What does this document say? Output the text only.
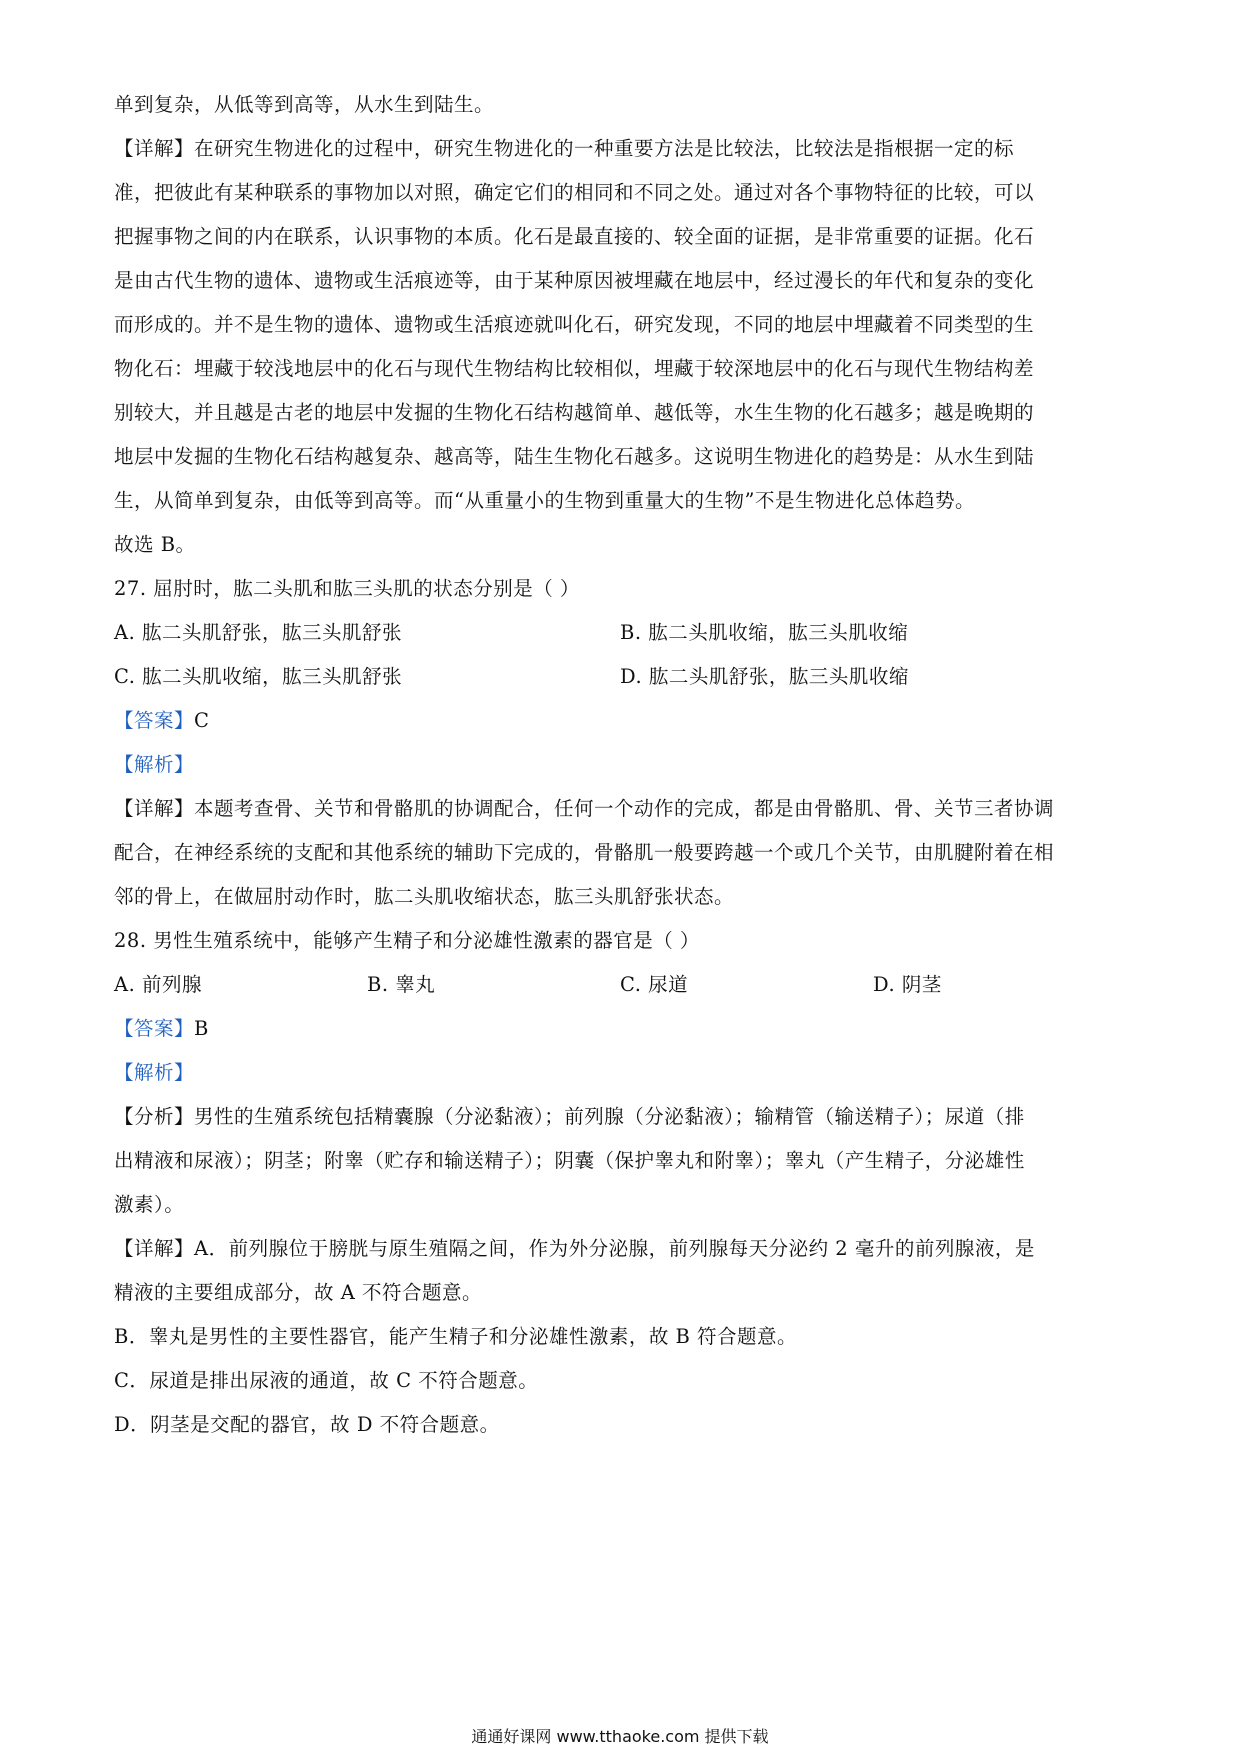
单到复杂，从低等到高等，从水生到陆生。
【详解】在研究生物进化的过程中，研究生物进化的一种重要方法是比较法，比较法是指根据一定的标
准，把彼此有某种联系的事物加以对照，确定它们的相同和不同之处。通过对各个事物特征的比较，可以
把握事物之间的内在联系，认识事物的本质。化石是最直接的、较全面的证据，是非常重要的证据。化石
是由古代生物的遗体、遗物或生活痕迹等，由于某种原因被埋藏在地层中，经过漫长的年代和复杂的变化
而形成的。并不是生物的遗体、遗物或生活痕迹就叫化石，研究发现，不同的地层中埋藏着不同类型的生
物化石：埋藏于较浅地层中的化石与现代生物结构比较相似，埋藏于较深地层中的化石与现代生物结构差
别较大，并且越是古老的地层中发掘的生物化石结构越简单、越低等，水生生物的化石越多；越是晚期的
地层中发掘的生物化石结构越复杂、越高等，陆生生物化石越多。这说明生物进化的趋势是：从水生到陆
生，从简单到复杂，由低等到高等。而“从重量小的生物到重量大的生物”不是生物进化总体趋势。
故选 B。
27. 屈肘时，肱二头肌和肱三头肌的状态分别是（ ）
A. 肱二头肌舒张，肱三头肌舒张	B. 肱二头肌收缩，肱三头肌收缩
C. 肱二头肌收缩，肱三头肌舒张	D. 肱二头肌舒张，肱三头肌收缩
【答案】C
【解析】
【详解】本题考查骨、关节和骨骼肌的协调配合，任何一个动作的完成，都是由骨骼肌、骨、关节三者协调
配合，在神经系统的支配和其他系统的辅助下完成的，骨骼肌一般要跨越一个或几个关节，由肌腱附着在相
邻的骨上，在做屈肘动作时，肱二头肌收缩状态，肱三头肌舒张状态。
28. 男性生殖系统中，能够产生精子和分泌雄性激素的器官是（ ）
A. 前列腺	B. 睾丸	C. 尿道	D. 阴茎
【答案】B
【解析】
【分析】男性的生殖系统包括精囊腺（分泌黏液）；前列腺（分泌黏液）；输精管（输送精子）；尿道（排
出精液和尿液）；阴茎；附睾（贮存和输送精子）；阴囊（保护睾丸和附睾）；睾丸（产生精子，分泌雄性
激素）。
【详解】A．前列腺位于膀胱与原生殖隔之间，作为外分泌腺，前列腺每天分泌约 2 毫升的前列腺液，是
精液的主要组成部分，故 A 不符合题意。
B．睾丸是男性的主要性器官，能产生精子和分泌雄性激素，故 B 符合题意。
C．尿道是排出尿液的通道，故 C 不符合题意。
D．阴茎是交配的器官，故 D 不符合题意。
通通好课网 www.tthaoke.com 提供下载
